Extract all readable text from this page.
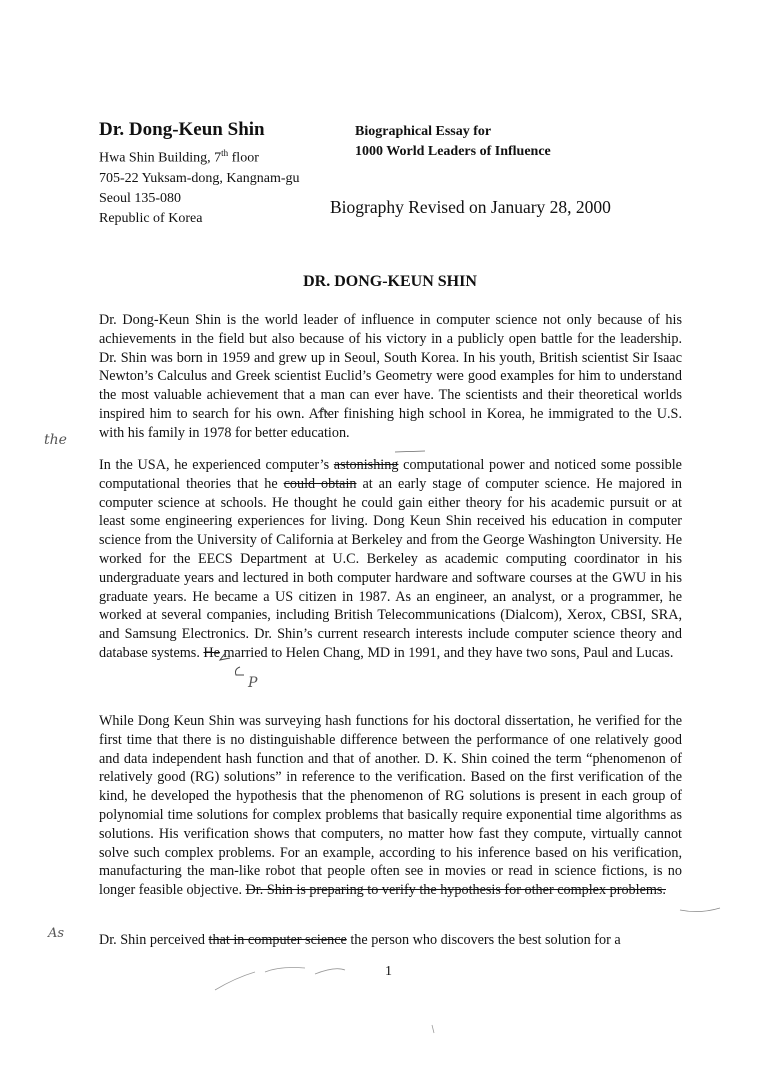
Dr. Dong-Keun Shin
Hwa Shin Building, 7th floor
705-22 Yuksam-dong, Kangnam-gu
Seoul 135-080
Republic of Korea
Biographical Essay for
1000 World Leaders of Influence
Biography Revised on January 28, 2000
DR. DONG-KEUN SHIN
Dr. Dong-Keun Shin is the world leader of influence in computer science not only because of his achievements in the field but also because of his victory in a publicly open battle for the leadership. Dr. Shin was born in 1959 and grew up in Seoul, South Korea. In his youth, British scientist Sir Isaac Newton’s Calculus and Greek scientist Euclid’s Geometry were good examples for him to understand the most valuable achievement that a man can ever have. The scientists and their theoretical worlds inspired him to search for his own. After finishing high school in Korea, he immigrated to the U.S. with his family in 1978 for better education.
In the USA, he experienced computer’s astonishing computational power and noticed some possible computational theories that he could obtain at an early stage of computer science. He majored in computer science at schools. He thought he could gain either theory for his academic pursuit or at least some engineering experiences for living. Dong Keun Shin received his education in computer science from the University of California at Berkeley and from the George Washington University. He worked for the EECS Department at U.C. Berkeley as academic computing coordinator in his undergraduate years and lectured in both computer hardware and software courses at the GWU in his graduate years. He became a US citizen in 1987. As an engineer, an analyst, or a programmer, he worked at several companies, including British Telecommunications (Dialcom), Xerox, CBSI, SRA, and Samsung Electronics. Dr. Shin’s current research interests include computer science theory and database systems. He married to Helen Chang, MD in 1991, and they have two sons, Paul and Lucas.
While Dong Keun Shin was surveying hash functions for his doctoral dissertation, he verified for the first time that there is no distinguishable difference between the performance of one relatively good and data independent hash function and that of another. D. K. Shin coined the term “phenomenon of relatively good (RG) solutions” in reference to the verification. Based on the first verification of the kind, he developed the hypothesis that the phenomenon of RG solutions is present in each group of polynomial time solutions for complex problems that basically require exponential time algorithms as solutions. His verification shows that computers, no matter how fast they compute, virtually cannot solve such complex problems. For an example, according to his inference based on his verification, manufacturing the man-like robot that people often see in movies or read in science fictions, is no longer feasible objective. Dr. Shin is preparing to verify the hypothesis for other complex problems.
Dr. Shin perceived that in computer science the person who discovers the best solution for a
1
the
P
As
